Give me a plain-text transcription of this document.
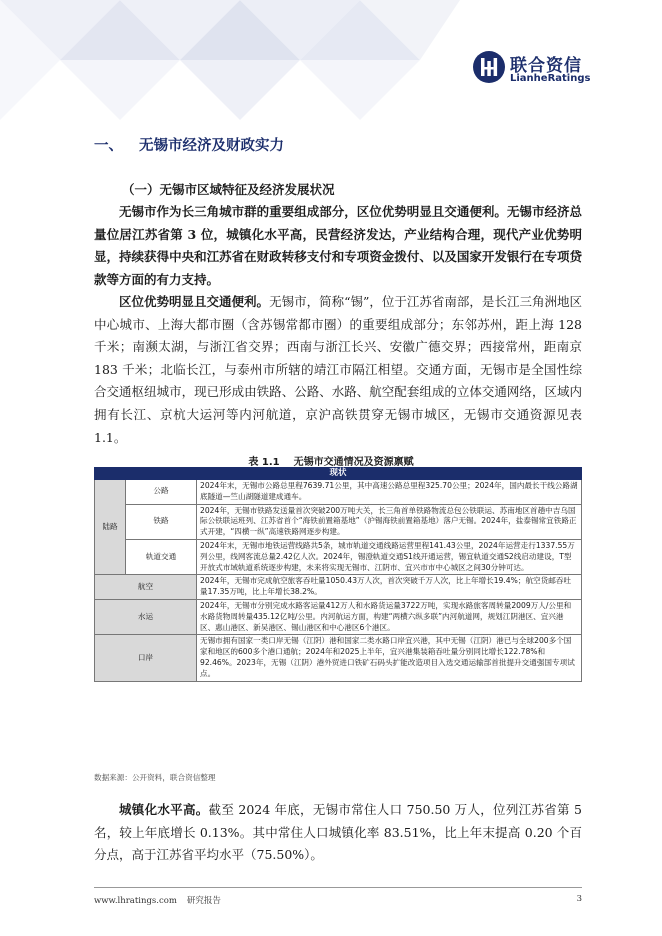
联合资信
LianheRatings
一、 无锡市经济及财政实力
（一）无锡市区域特征及经济发展状况

无锡市作为长三角城市群的重要组成部分，区位优势明显且交通便利。无锡市经济总量位居江苏省第 3 位，城镇化水平高，民营经济发达，产业结构合理，现代产业优势明显，持续获得中央和江苏省在财政转移支付和专项资金拨付、以及国家开发银行在专项贷款等方面的有力支持。

区位优势明显且交通便利。无锡市，简称“锡”，位于江苏省南部，是长江三角洲地区中心城市、上海大都市圈（含苏锡常都市圈）的重要组成部分；东邻苏州，距上海 128 千米；南濒太湖，与浙江省交界；西南与浙江长兴、安徽广德交界；西接常州，距南京 183 千米；北临长江，与泰州市所辖的靖江市隔江相望。交通方面，无锡市是全国性综合交通枢纽城市，现已形成由铁路、公路、水路、航空配套组成的立体交通网络，区域内拥有长江、京杭大运河等内河航道，京沪高铁贯穿无锡市城区，无锡市交通资源见表 1.1。

表 1.1 无锡市交通情况及资源禀赋
现状		
陆路	公路	2024年末，无锡市公路总里程7639.71公里，其中高速公路总里程325.70公里；2024年，国内最长干线公路湖底隧道—竺山湖隧道建成通车。
	铁路	2024年，无锡市铁路发送量首次突破200万吨大关，长三角首单铁路物流总包公铁联运、苏南地区首趟中吉乌国际公铁联运班列、江苏省首个“海铁前置箱基地”（沪锡海铁前置箱基地）落户无锡。2024年，盐泰锡常宜铁路正式开建，“四横一纵”高速铁路网逐步构建。
	轨道交通	2024年末，无锡市地铁运营线路共5条，城市轨道交通线路运营里程141.43公里，2024年运营走行1337.55万列公里，线网客流总量2.42亿人次。2024年，锡澄轨道交通S1线开通运营，锡宜轨道交通S2线启动建设，T型开放式市域轨道系统逐步构建，未来将实现无锡市、江阴市、宜兴市市中心城区之间30分钟可达。
航空		2024年，无锡市完成航空旅客吞吐量1050.43万人次，首次突破千万人次，比上年增长19.4%；航空货邮吞吐量17.35万吨，比上年增长38.2%。
水运		2024年，无锡市分别完成水路客运量412万人和水路货运量3722万吨，实现水路旅客周转量2009万人/公里和水路货物周转量435.12亿吨/公里。内河航运方面，构建“两横六纵多联”内河航道网，规划江阴港区、宜兴港区、惠山港区、新吴港区、锡山港区和中心港区6个港区。
口岸		无锡市拥有国家一类口岸无锡（江阴）港和国家二类水路口岸宜兴港，其中无锡（江阴）港已与全球200多个国家和地区的600多个港口通航；2024年和2025上半年，宜兴港集装箱吞吐量分别同比增长122.78%和92.46%。2023年，无锡（江阴）港外贸进口铁矿石码头扩能改造项目入选交通运输部首批提升交通强国专项试点。
数据来源：公开资料，联合资信整理

城镇化水平高。截至 2024 年底，无锡市常住人口 750.50 万人，位列江苏省第 5 名，较上年底增长 0.13%。其中常住人口城镇化率 83.51%，比上年末提高 0.20 个百分点，高于江苏省平均水平（75.50%）。

www.lhratings.com 研究报告	3
